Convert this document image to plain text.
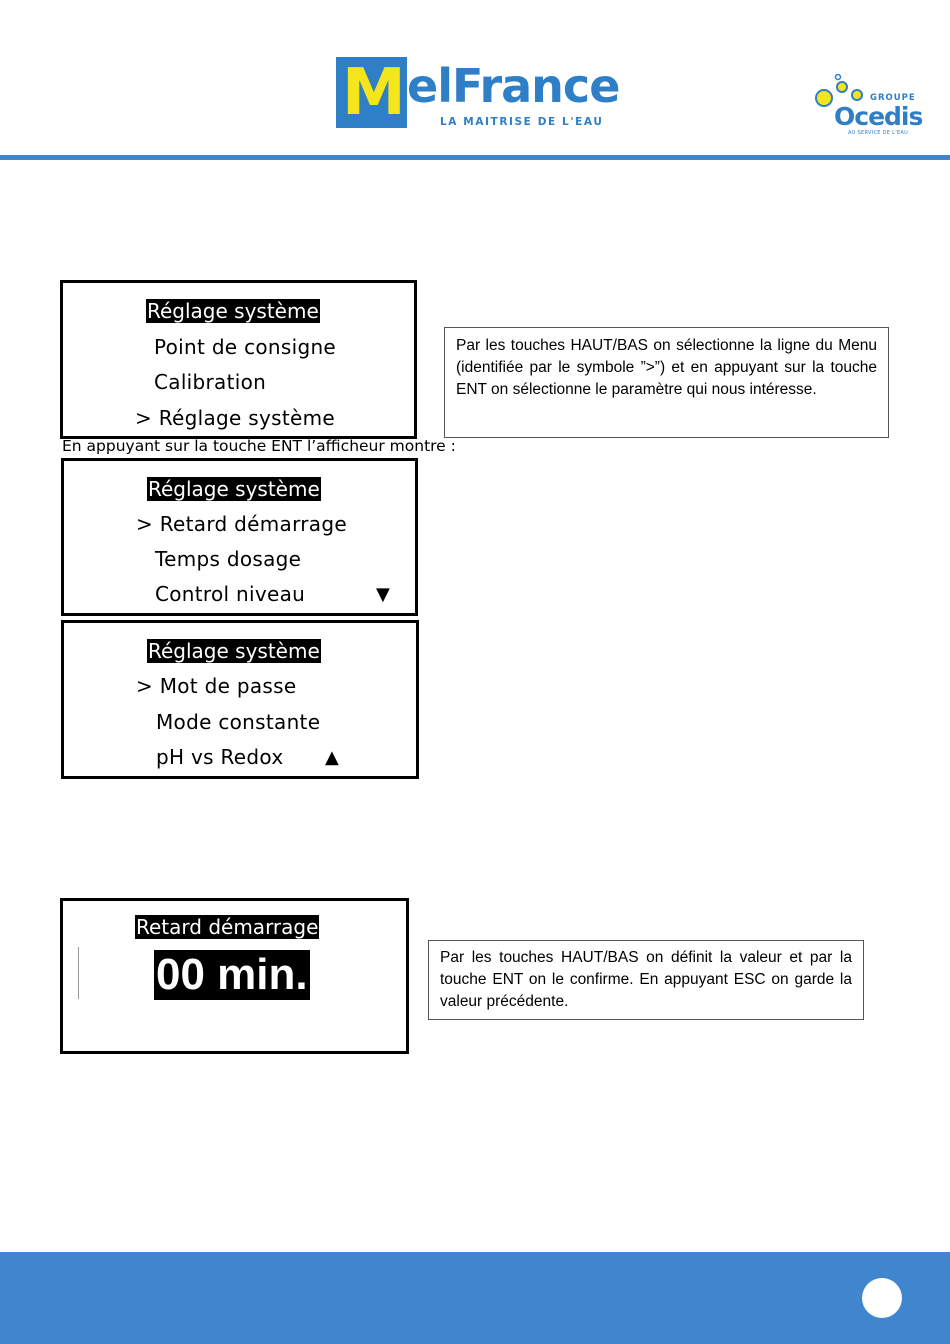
M elFrance
LA MAITRISE DE L'EAU
GROUPE
Ocedis
AU SERVICE DE L'EAU
Réglage système
Point de consigne
Calibration
> Réglage système
Par les touches HAUT/BAS on sélectionne la ligne du Menu (identifiée par le symbole ”>”) et en appuyant sur la touche ENT on sélectionne le paramètre qui nous intéresse.
En appuyant sur la touche ENT l’afficheur montre :
Réglage système
> Retard démarrage
Temps dosage
Control niveau	▼
Réglage système
> Mot de passe
Mode constante
pH vs Redox ▲
Retard démarrage
00 min.	Par les touches HAUT/BAS on définit la valeur et par la touche ENT on le confirme. En appuyant ESC on garde la valeur précédente.
